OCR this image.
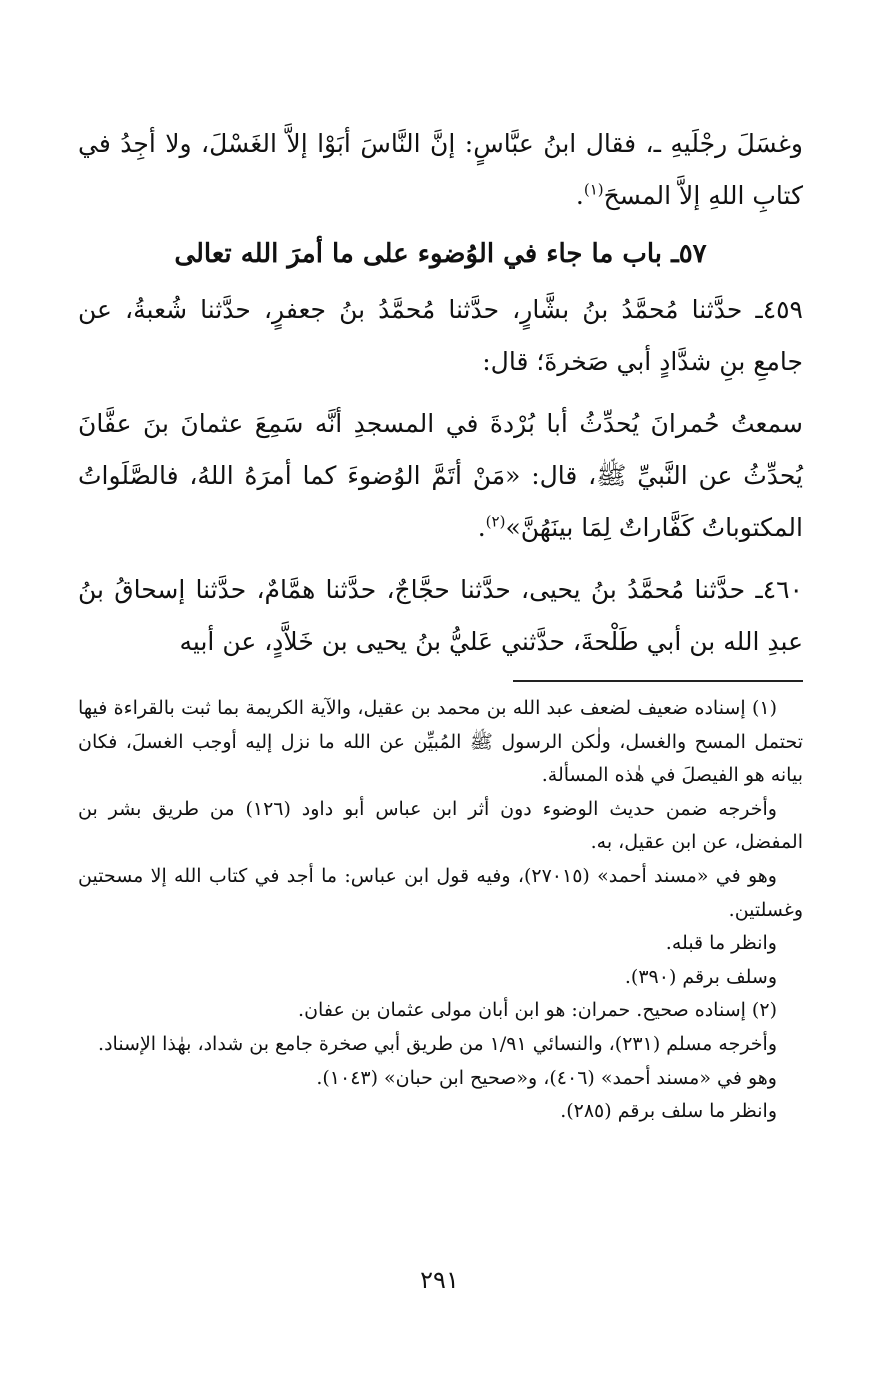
وغسَلَ رجْلَيهِ ـ، فقال ابنُ عبَّاسٍ: إنَّ النَّاسَ أبَوْا إلاَّ الغَسْلَ، ولا أجِدُ في كتابِ اللهِ إلاَّ المسحَ$^{(١)}$.

٥٧ـ باب ما جاء في الوُضوء على ما أمرَ الله تعالى

٤٥٩ـ حدَّثنا مُحمَّدُ بنُ بشَّارٍ، حدَّثنا مُحمَّدُ بنُ جعفرٍ، حدَّثنا شُعبةُ، عن جامعِ بنِ شدَّادٍ أبي صَخرةَ؛ قال:

سمعتُ حُمرانَ يُحدِّثُ أبا بُرْدةَ في المسجدِ أنَّه سَمِعَ عثمانَ بنَ عفَّانَ يُحدِّثُ عن النَّبيِّ ﷺ، قال: «مَنْ أتَمَّ الوُضوءَ كما أمرَهُ اللهُ، فالصَّلَواتُ المكتوباتُ كَفَّاراتٌ لِمَا بينَهُنَّ»$^{(٢)}$.

٤٦٠ـ حدَّثنا مُحمَّدُ بنُ يحيى، حدَّثنا حجَّاجٌ، حدَّثنا همَّامٌ، حدَّثنا إسحاقُ بنُ عبدِ الله بن أبي طَلْحةَ، حدَّثني عَليُّ بنُ يحيى بن خَلاَّدٍ، عن أبيه

(١) إسناده ضعيف لضعف عبد الله بن محمد بن عقيل، والآية الكريمة بما ثبت بالقراءة فيها تحتمل المسح والغسل، ولٰكن الرسول ﷺ المُبيِّن عن الله ما نزل إليه أوجب الغسلَ، فكان بيانه هو الفيصلَ في هٰذه المسألة.

وأخرجه ضمن حديث الوضوء دون أثر ابن عباس أبو داود (١٢٦) من طريق بشر بن المفضل، عن ابن عقيل، به.

وهو في «مسند أحمد» (٢٧٠١٥)، وفيه قول ابن عباس: ما أجد في كتاب الله إلا مسحتين وغسلتين.

وانظر ما قبله.

وسلف برقم (٣٩٠).

(٢) إسناده صحيح. حمران: هو ابن أبان مولى عثمان بن عفان.

وأخرجه مسلم (٢٣١)، والنسائي ١/٩١ من طريق أبي صخرة جامع بن شداد، بهٰذا الإسناد.

وهو في «مسند أحمد» (٤٠٦)، و«صحيح ابن حبان» (١٠٤٣).

وانظر ما سلف برقم (٢٨٥).

٢٩١
